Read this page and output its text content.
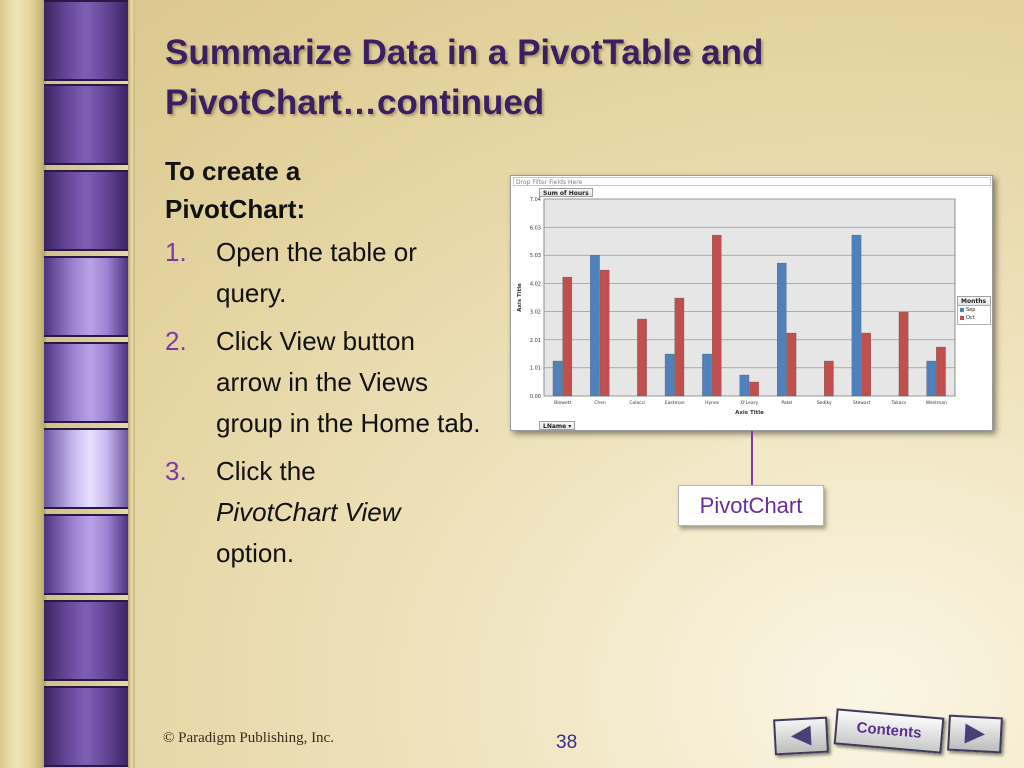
Summarize Data in a PivotTable and PivotChart…continued

To create a PivotChart:

1. Open the table or query.
2. Click View button arrow in the Views group in the Home tab.
3. Click the
PivotChart View
option.
Drop Filter Fields Here
Sum of Hours
0.00
1.01
2.01
3.02
4.02
5.03
6.03
7.04
Blewett	Chen	Colacci	Eastman	Hynes	O'Leary	Patel	Sedlky	Stewart	Takacs	Westman
Axis Title
Axis Title	Months
Sep
Oct
LName ▾
PivotChart
© Paradigm Publishing, Inc.	38
Contents
